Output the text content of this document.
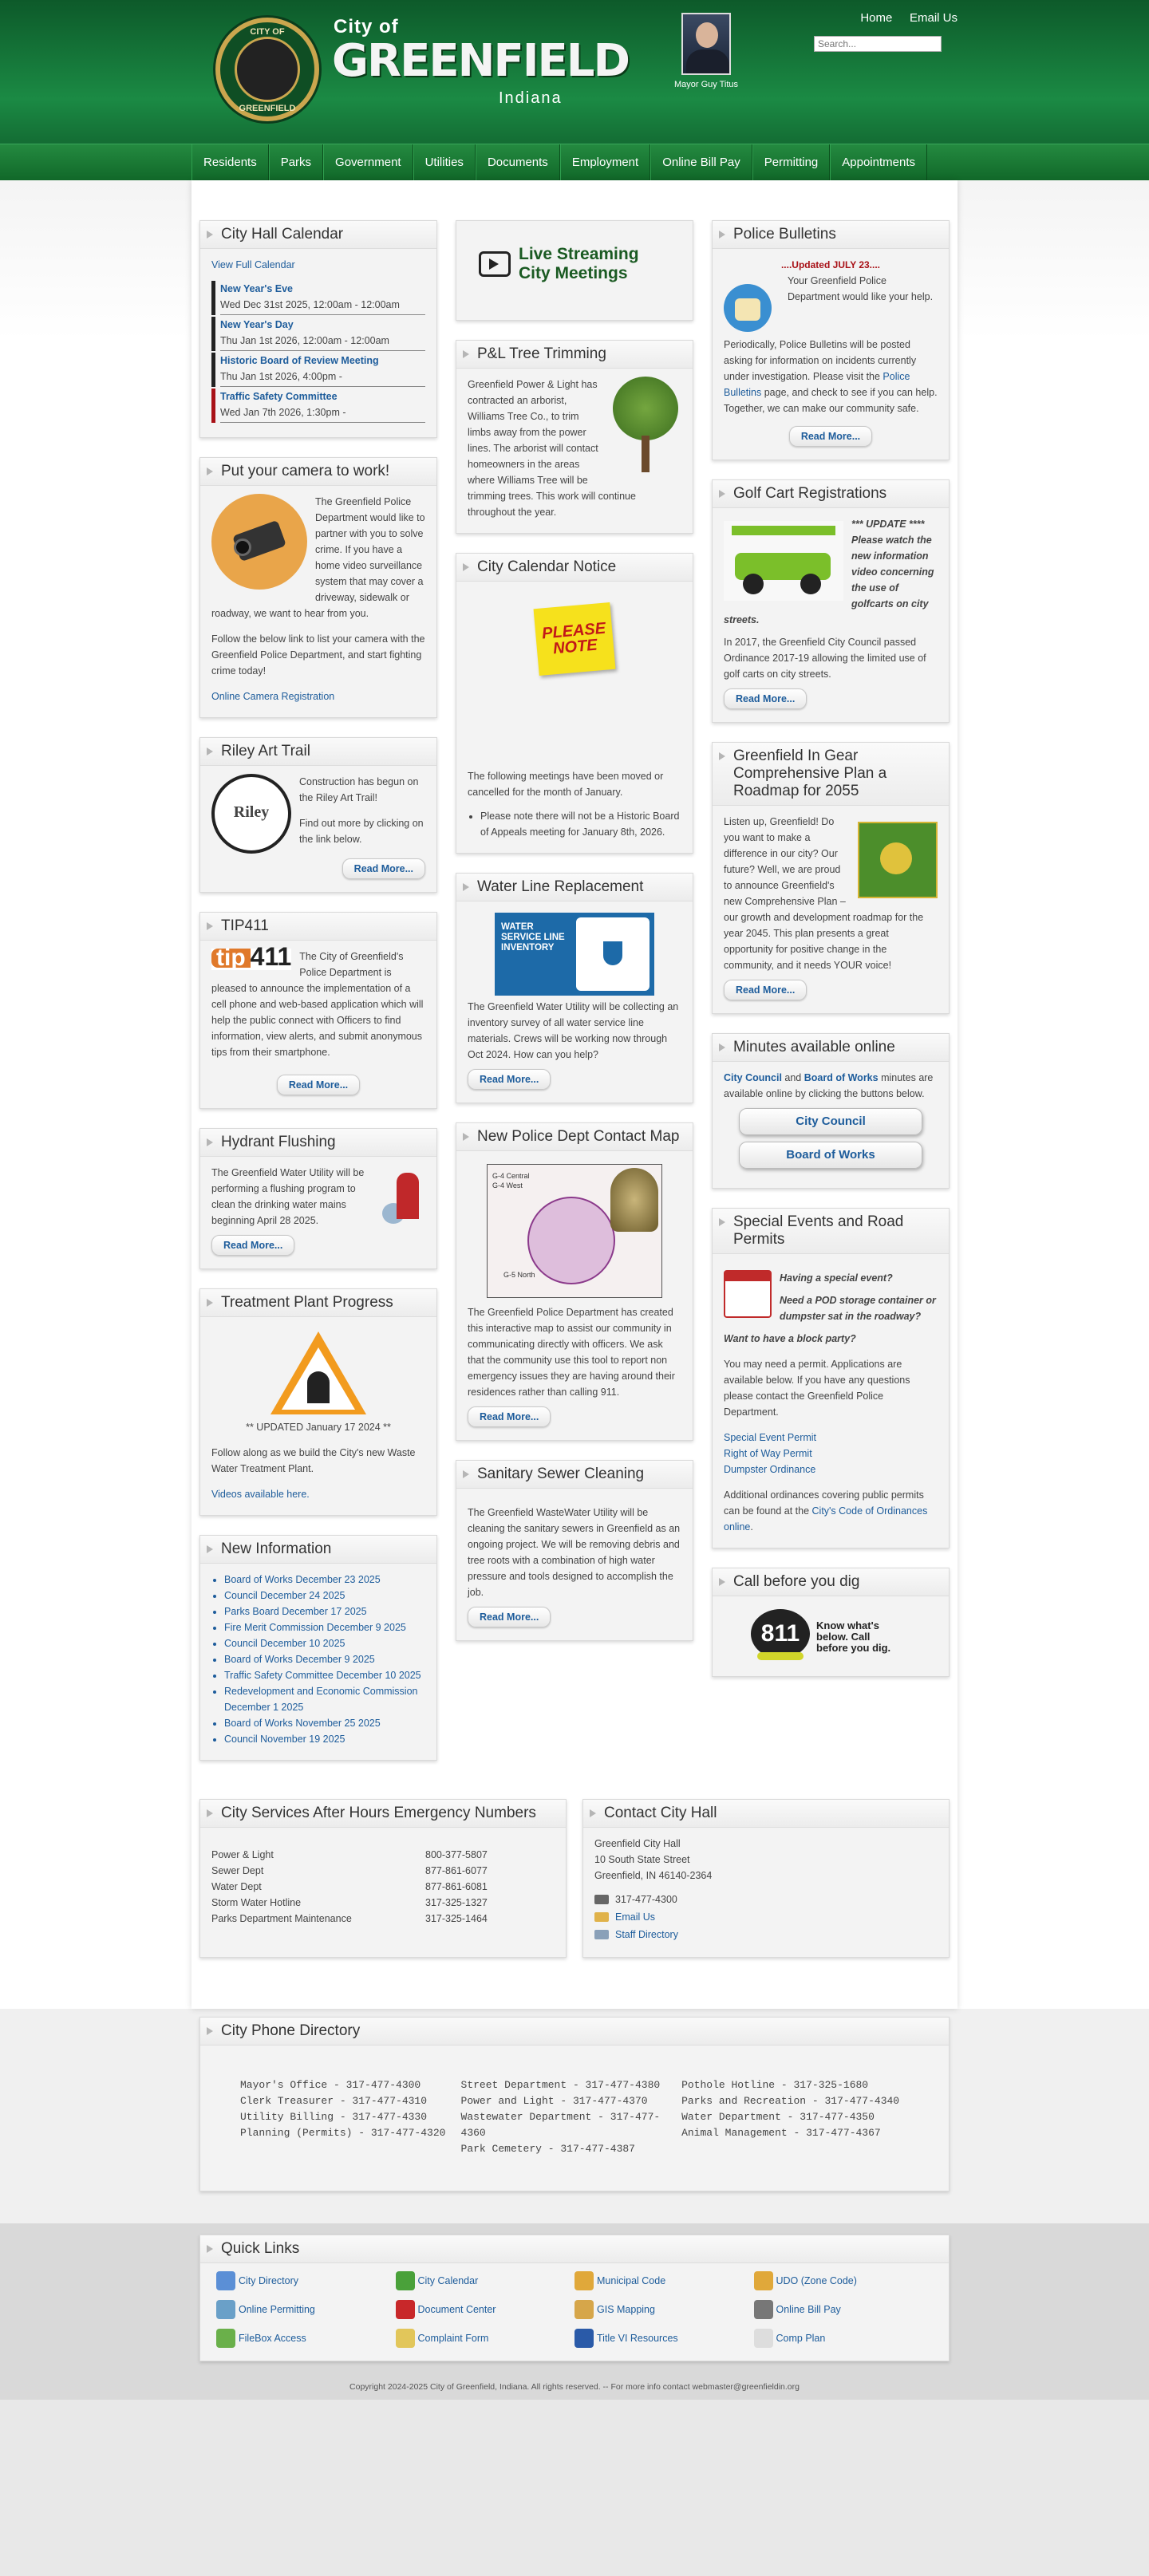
CITY OF
GREENFIELD
City of
GREENFIELD
Indiana
Mayor Guy Titus
Home Email Us
Search...
Residents	Parks	Government	Utilities	Documents	Employment	Online Bill Pay	Permitting	Appointments
City Hall Calendar
View Full Calendar
New Year's Eve
Wed Dec 31st 2025, 12:00am - 12:00am
New Year's Day
Thu Jan 1st 2026, 12:00am - 12:00am
Historic Board of Review Meeting
Thu Jan 1st 2026, 4:00pm -
Traffic Safety Committee
Wed Jan 7th 2026, 1:30pm -
Put your camera to work!

The Greenfield Police Department would like to partner with you to solve crime. If you have a home video surveillance system that may cover a driveway, sidewalk or roadway, we want to hear from you.

Follow the below link to list your camera with the Greenfield Police Department, and start fighting crime today!

Online Camera Registration

Riley Art Trail
Riley

Construction has begun on the Riley Art Trail!

Find out more by clicking on the link below.

Read More...
TIP411
tip 411 The City of Greenfield's Police Department is pleased to announce the implementation of a cell phone and web-based application which will help the public connect with Officers to find information, view alerts, and submit anonymous tips from their smartphone.

Read More...
Hydrant Flushing

The Greenfield Water Utility will be performing a flushing program to clean the drinking water mains beginning April 28 2025.

Read More...
Treatment Plant Progress

** UPDATED January 17 2024 **

Follow along as we build the City's new Waste Water Treatment Plant.

Videos available here.

New Information
• Board of Works December 23 2025
• Council December 24 2025
• Parks Board December 17 2025
• Fire Merit Commission December 9 2025
• Council December 10 2025
• Board of Works December 9 2025
• Traffic Safety Committee December 10 2025
• Redevelopment and Economic Commission December 1 2025
• Board of Works November 25 2025
• Council November 19 2025
Live Streaming City Meetings
P&L Tree Trimming

Greenfield Power & Light has contracted an arborist, Williams Tree Co., to trim limbs away from the power lines. The arborist will contact homeowners in the areas where Williams Tree will be trimming trees. This work will continue throughout the year.

City Calendar Notice
PLEASE NOTE

The following meetings have been moved or cancelled for the month of January.

• Please note there will not be a Historic Board of Appeals meeting for January 8th, 2026.
Water Line Replacement
WATER SERVICE LINE INVENTORY

The Greenfield Water Utility will be collecting an inventory survey of all water service line materials. Crews will be working now through Oct 2024. How can you help?

Read More...
New Police Dept Contact Map
G-4 Central
G-4 West
G-5 North

The Greenfield Police Department has created this interactive map to assist our community in communicating directly with officers. We ask that the community use this tool to report non emergency issues they are having around their residences rather than calling 911.

Read More...
Sanitary Sewer Cleaning

The Greenfield WasteWater Utility will be cleaning the sanitary sewers in Greenfield as an ongoing project. We will be removing debris and tree roots with a combination of high water pressure and tools designed to accomplish the job.

Read More...
Police Bulletins
....Updated JULY 23....

Your Greenfield Police Department would like your help.

Periodically, Police Bulletins will be posted asking for information on incidents currently under investigation. Please visit the Police Bulletins page, and check to see if you can help. Together, we can make our community safe.

Read More...
Golf Cart Registrations

*** UPDATE **** Please watch the new information video concerning the use of golfcarts on city streets.

In 2017, the Greenfield City Council passed Ordinance 2017-19 allowing the limited use of golf carts on city streets.

Read More...
Greenfield In Gear Comprehensive Plan a Roadmap for 2055

Listen up, Greenfield! Do you want to make a difference in our city? Our future? Well, we are proud to announce Greenfield's new Comprehensive Plan – our growth and development roadmap for the year 2045. This plan presents a great opportunity for positive change in the community, and it needs YOUR voice!

Read More...
Minutes available online

City Council and Board of Works minutes are available online by clicking the buttons below.

City Council
Board of Works
Special Events and Road Permits

Having a special event?

Need a POD storage container or dumpster sat in the roadway?

Want to have a block party?

You may need a permit. Applications are available below. If you have any questions please contact the Greenfield Police Department.

Special Event Permit
Right of Way Permit
Dumpster Ordinance

Additional ordinances covering public permits can be found at the City's Code of Ordinances online.

Call before you dig
811	Know what's below. Call before you dig.
City Services After Hours Emergency Numbers
Power & Light	800-377-5807
Sewer Dept	877-861-6077
Water Dept	877-861-6081
Storm Water Hotline	317-325-1327
Parks Department Maintenance	317-325-1464
Contact City Hall
Greenfield City Hall
10 South State Street
Greenfield, IN 46140-2364
317-477-4300
Email Us
Staff Directory
City Phone Directory
Mayor's Office - 317-477-4300
Clerk Treasurer - 317-477-4310
Utility Billing - 317-477-4330
Planning (Permits) - 317-477-4320
Street Department - 317-477-4380
Power and Light - 317-477-4370
Wastewater Department - 317-477-4360
Park Cemetery - 317-477-4387
Pothole Hotline - 317-325-1680
Parks and Recreation - 317-477-4340
Water Department - 317-477-4350
Animal Management - 317-477-4367
Quick Links
City Directory	City Calendar	Municipal Code	UDO (Zone Code)
Online Permitting	Document Center	GIS Mapping	Online Bill Pay
FileBox Access	Complaint Form	Title VI Resources	Comp Plan
Copyright 2024-2025 City of Greenfield, Indiana. All rights reserved. -- For more info contact webmaster@greenfieldin.org
